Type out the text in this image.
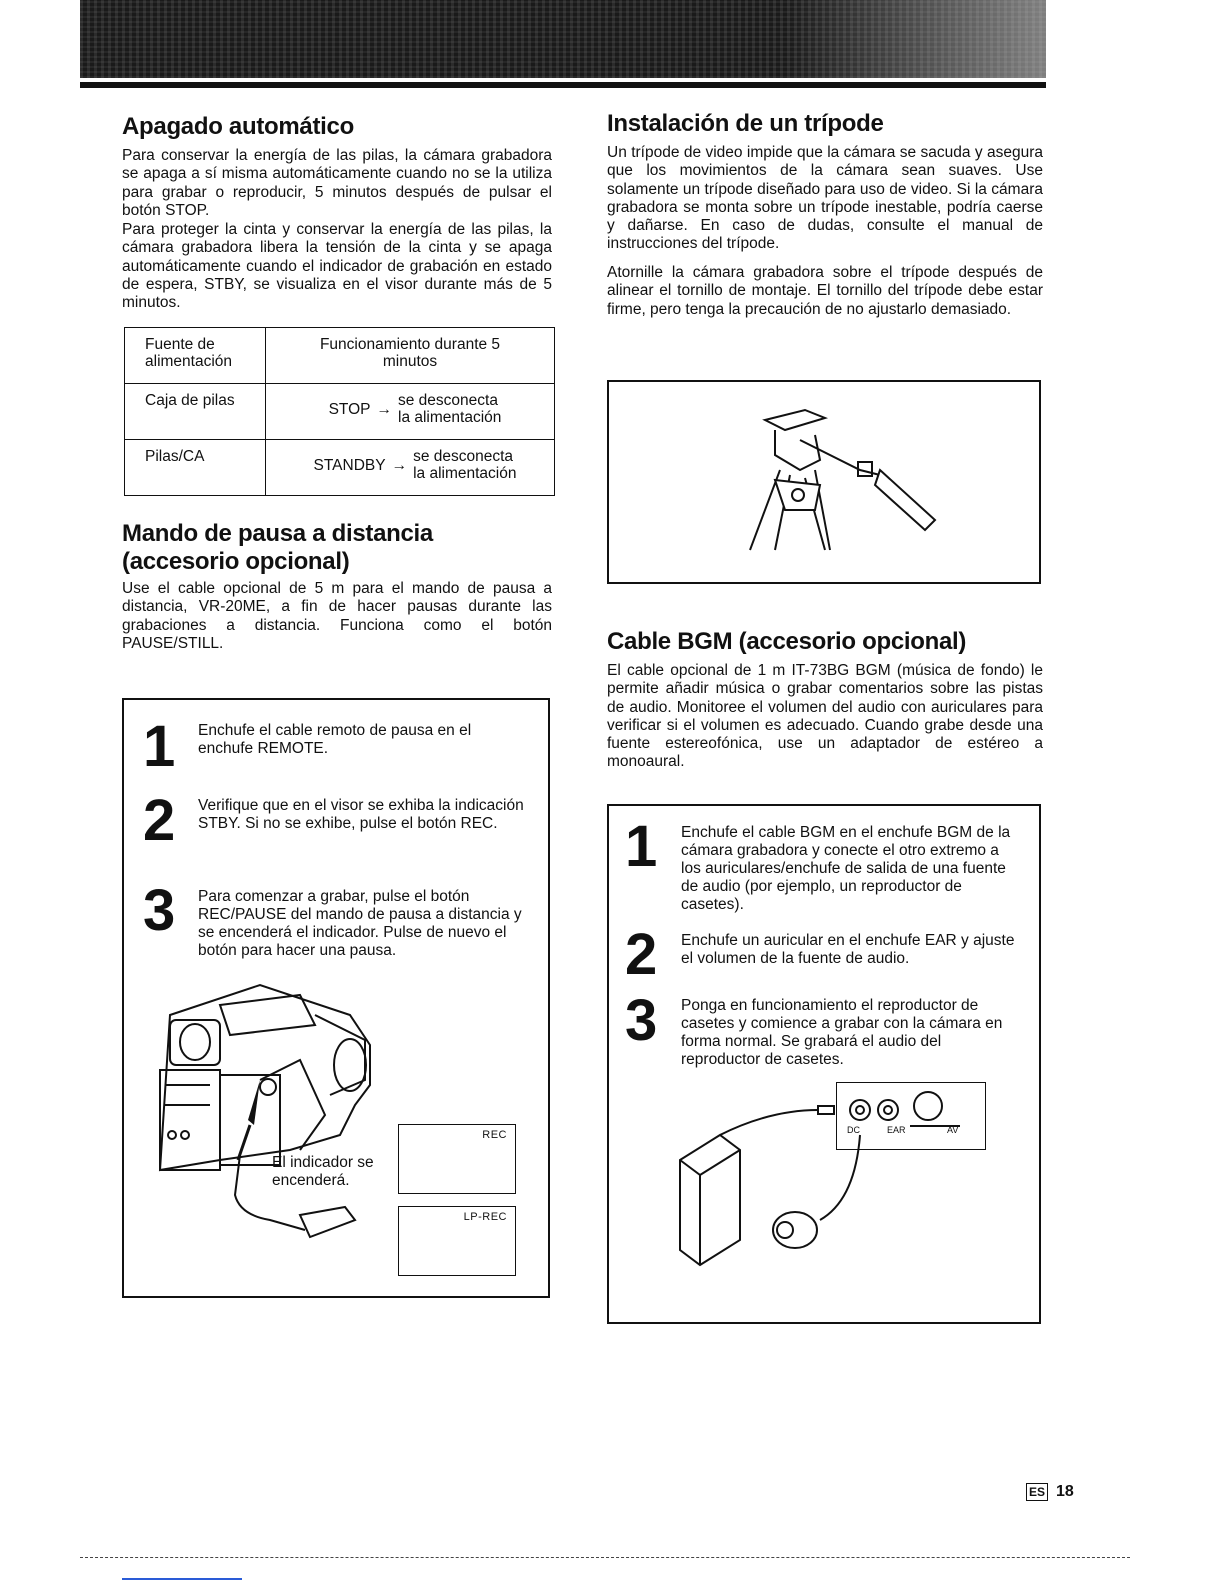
Apagado automático

Para conservar la energía de las pilas, la cámara grabadora se apaga a sí misma automáticamente cuando no se la utiliza para grabar o reproducir, 5 minutos después de pulsar el botón STOP.

Para proteger la cinta y conservar la energía de las pilas, la cámara grabadora libera la tensión de la cinta y se apaga automáticamente cuando el indicador de grabación en estado de espera, STBY, se visualiza en el visor durante más de 5 minutos.

Fuente de alimentación	Funcionamiento durante 5 minutos
Caja de pilas	STOP → se desconecta
la alimentación

Pilas/CA	STANDBY → se desconecta
la alimentación
Mando de pausa a distancia
(accesorio opcional)

Use el cable opcional de 5 m para el mando de pausa a distancia, VR-20ME, a fin de hacer pausas durante las grabaciones a distancia. Funciona como el botón PAUSE/STILL.

1	Enchufe el cable remoto de pausa en el enchufe REMOTE.
2	Verifique que en el visor se exhiba la indicación STBY. Si no se exhibe, pulse el botón REC.
3	Para comenzar a grabar, pulse el botón REC/PAUSE del mando de pausa a distancia y se encenderá el indicador. Pulse de nuevo el botón para hacer una pausa.
El indicador se encenderá.
REC
LP-REC
Instalación de un trípode

Un trípode de video impide que la cámara se sacuda y asegura que los movimientos de la cámara sean suaves. Use solamente un trípode diseñado para uso de video. Si la cámara grabadora se monta sobre un trípode inestable, podría caerse y dañarse. En caso de dudas, consulte el manual de instrucciones del trípode.

Atornille la cámara grabadora sobre el trípode después de alinear el tornillo de montaje. El tornillo del trípode debe estar firme, pero tenga la precaución de no ajustarlo demasiado.

Cable BGM (accesorio opcional)

El cable opcional de 1 m IT-73BG BGM (música de fondo) le permite añadir música o grabar comentarios sobre las pistas de audio. Monitoree el volumen del audio con auriculares para verificar si el volumen es adecuado. Cuando grabe desde una fuente estereofónica, use un adaptador de estéreo a monoaural.

1	Enchufe el cable BGM en el enchufe BGM de la cámara grabadora y conecte el otro extremo a los auriculares/enchufe de salida de una fuente de audio (por ejemplo, un reproductor de casetes).
2	Enchufe un auricular en el enchufe EAR y ajuste el volumen de la fuente de audio.
3	Ponga en funcionamiento el reproductor de casetes y comience a grabar con la cámara en forma normal. Se grabará el audio del reproductor de casetes.
DC	EAR	AV
ES 18
